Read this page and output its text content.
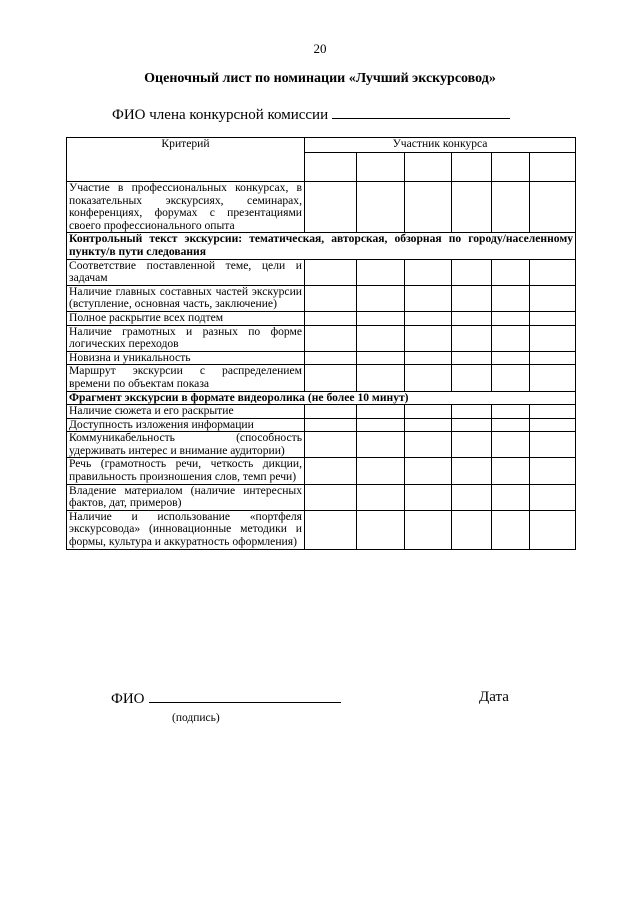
20
Оценочный лист по номинации «Лучший экскурсовод»
ФИО члена конкурсной комиссии
Критерий	Участник конкурса					

Участие в профессиональных конкурсах, в показательных экскурсиях, семинарах, конференциях, форумах с презентациями своего профессионального опыта						
Контрольный текст экскурсии: тематическая, авторская, обзорная по городу/населенному пункту/в пути следования						
Соответствие поставленной теме, цели и задачам						
Наличие главных составных частей экскурсии (вступление, основная часть, заключение)						
Полное раскрытие всех подтем						
Наличие грамотных и разных по форме логических переходов						
Новизна и уникальность						
Маршрут экскурсии с распределением времени по объектам показа						
Фрагмент экскурсии в формате видеоролика (не более 10 минут)						
Наличие сюжета и его раскрытие						
Доступность изложения информации						
Коммуникабельность (способность удерживать интерес и внимание аудитории)						
Речь (грамотность речи, четкость дикции, правильность произношения слов, темп речи)						
Владение материалом (наличие интересных фактов, дат, примеров)						
Наличие и использование «портфеля экскурсовода» (инновационные методики и формы, культура и аккуратность оформления)						
ФИО	Дата
(подпись)
